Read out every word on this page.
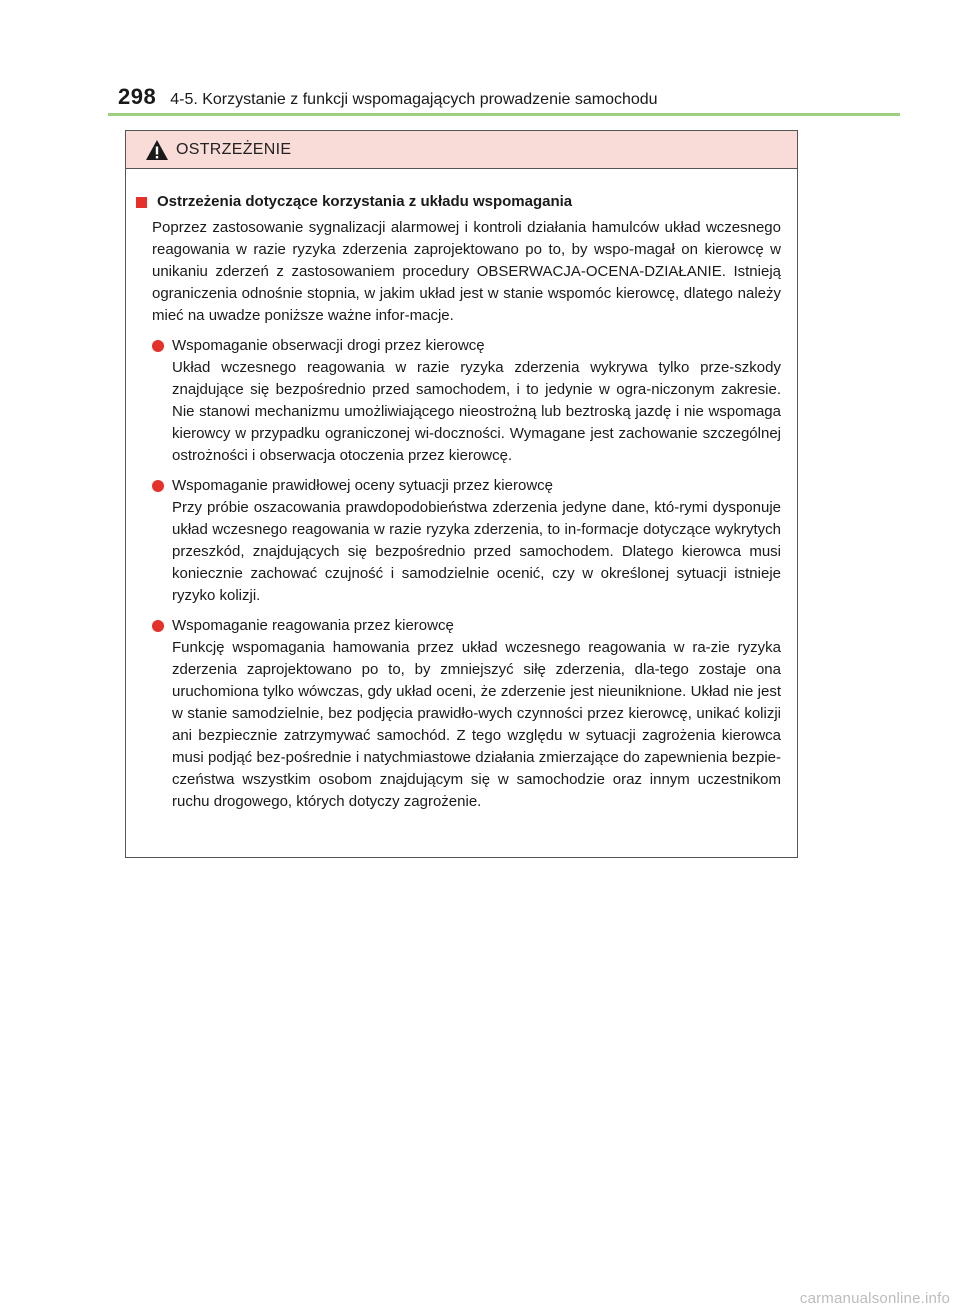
298 4-5. Korzystanie z funkcji wspomagających prowadzenie samochodu
OSTRZEŻENIE
Ostrzeżenia dotyczące korzystania z układu wspomagania
Poprzez zastosowanie sygnalizacji alarmowej i kontroli działania hamulców układ wczesnego reagowania w razie ryzyka zderzenia zaprojektowano po to, by wspo-magał on kierowcę w unikaniu zderzeń z zastosowaniem procedury OBSERWACJA-OCENA-DZIAŁANIE. Istnieją ograniczenia odnośnie stopnia, w jakim układ jest w stanie wspomóc kierowcę, dlatego należy mieć na uwadze poniższe ważne infor-macje.
Wspomaganie obserwacji drogi przez kierowcę
Układ wczesnego reagowania w razie ryzyka zderzenia wykrywa tylko prze-szkody znajdujące się bezpośrednio przed samochodem, i to jedynie w ogra-niczonym zakresie. Nie stanowi mechanizmu umożliwiającego nieostrożną lub beztroską jazdę i nie wspomaga kierowcy w przypadku ograniczonej wi-doczności. Wymagane jest zachowanie szczególnej ostrożności i obserwacja otoczenia przez kierowcę.
Wspomaganie prawidłowej oceny sytuacji przez kierowcę
Przy próbie oszacowania prawdopodobieństwa zderzenia jedyne dane, któ-rymi dysponuje układ wczesnego reagowania w razie ryzyka zderzenia, to in-formacje dotyczące wykrytych przeszkód, znajdujących się bezpośrednio przed samochodem. Dlatego kierowca musi koniecznie zachować czujność i samodzielnie ocenić, czy w określonej sytuacji istnieje ryzyko kolizji.
Wspomaganie reagowania przez kierowcę
Funkcję wspomagania hamowania przez układ wczesnego reagowania w ra-zie ryzyka zderzenia zaprojektowano po to, by zmniejszyć siłę zderzenia, dla-tego zostaje ona uruchomiona tylko wówczas, gdy układ oceni, że zderzenie jest nieuniknione. Układ nie jest w stanie samodzielnie, bez podjęcia prawidło-wych czynności przez kierowcę, unikać kolizji ani bezpiecznie zatrzymywać samochód. Z tego względu w sytuacji zagrożenia kierowca musi podjąć bez-pośrednie i natychmiastowe działania zmierzające do zapewnienia bezpie-czeństwa wszystkim osobom znajdującym się w samochodzie oraz innym uczestnikom ruchu drogowego, których dotyczy zagrożenie.
carmanualsonline.info
